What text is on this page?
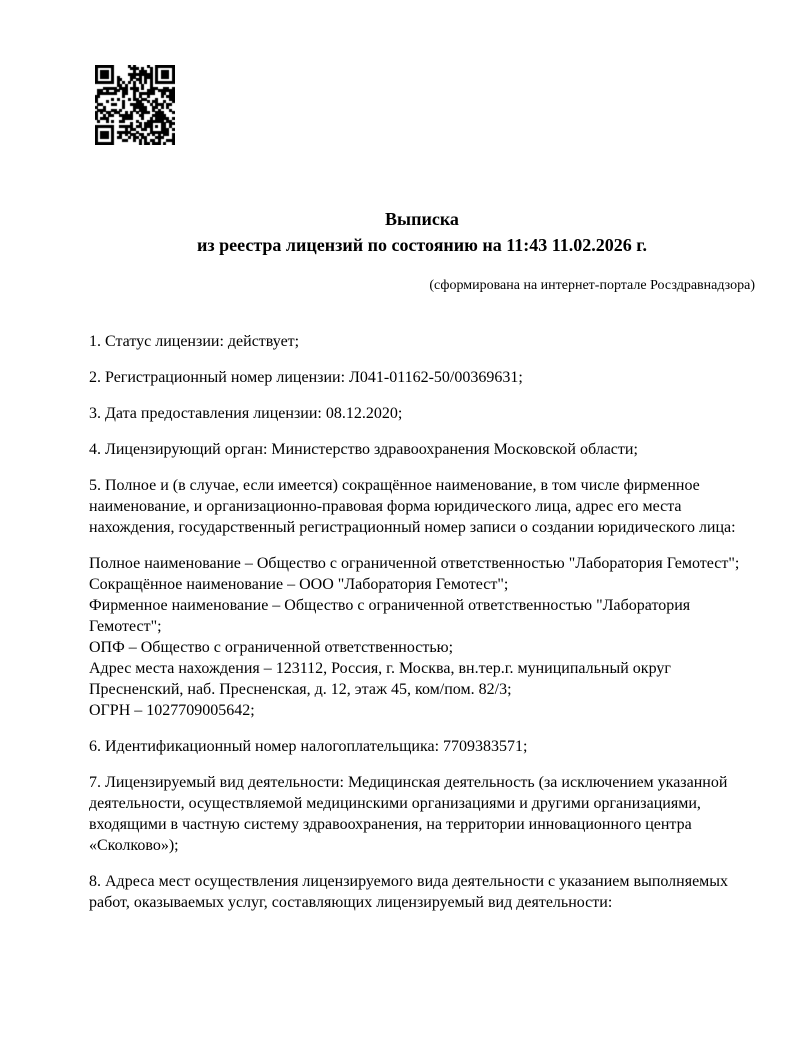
Выписка
из реестра лицензий по состоянию на 11:43 11.02.2026 г.
(сформирована на интернет-портале Росздравнадзора)
1. Статус лицензии: действует;
2. Регистрационный номер лицензии: Л041-01162-50/00369631;
3. Дата предоставления лицензии: 08.12.2020;
4. Лицензирующий орган: Министерство здравоохранения Московской области;
5. Полное и (в случае, если имеется) сокращённое наименование, в том числе фирменное
наименование, и организационно-правовая форма юридического лица, адрес его места
нахождения, государственный регистрационный номер записи о создании юридического лица:
Полное наименование – Общество с ограниченной ответственностью "Лаборатория Гемотест";
Сокращённое наименование – ООО "Лаборатория Гемотест";
Фирменное наименование – Общество с ограниченной ответственностью "Лаборатория
Гемотест";
ОПФ – Общество с ограниченной ответственностью;
Адрес места нахождения – 123112, Россия, г. Москва, вн.тер.г. муниципальный округ
Пресненский, наб. Пресненская, д. 12, этаж 45, ком/пом. 82/3;
ОГРН – 1027709005642;
6. Идентификационный номер налогоплательщика: 7709383571;
7. Лицензируемый вид деятельности: Медицинская деятельность (за исключением указанной
деятельности, осуществляемой медицинскими организациями и другими организациями,
входящими в частную систему здравоохранения, на территории инновационного центра
«Сколково»);
8. Адреса мест осуществления лицензируемого вида деятельности с указанием выполняемых
работ, оказываемых услуг, составляющих лицензируемый вид деятельности:
